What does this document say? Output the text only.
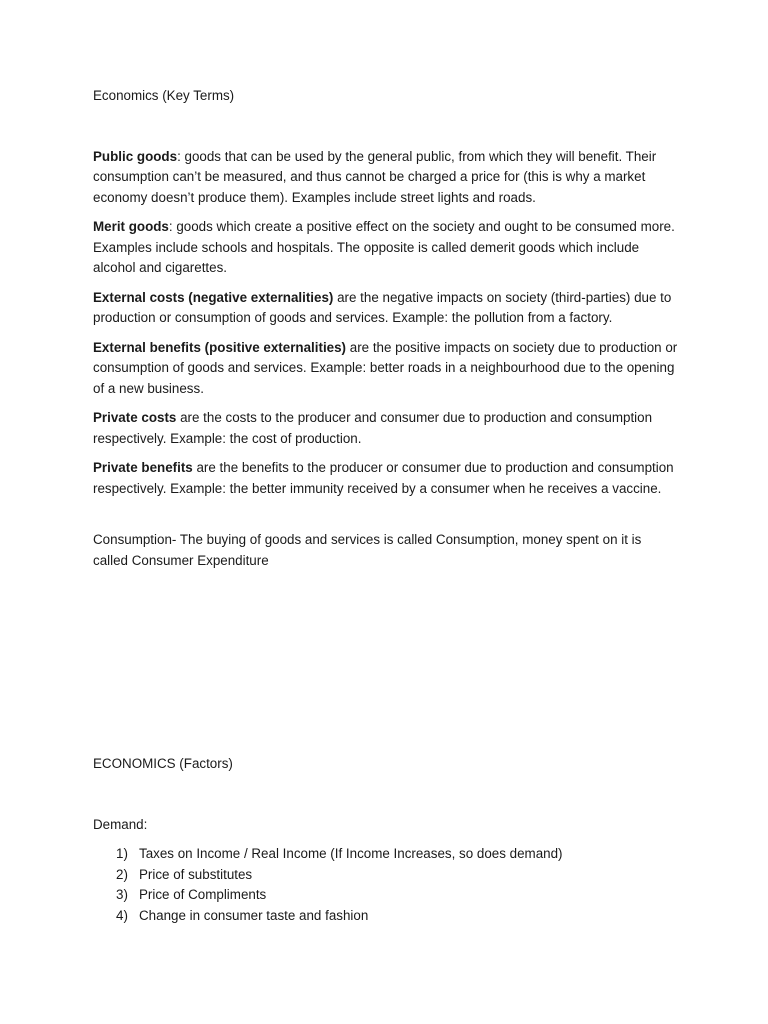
Economics (Key Terms)

Public goods: goods that can be used by the general public, from which they will benefit. Their consumption can’t be measured, and thus cannot be charged a price for (this is why a market economy doesn’t produce them). Examples include street lights and roads.

Merit goods: goods which create a positive effect on the society and ought to be consumed more. Examples include schools and hospitals. The opposite is called demerit goods which include alcohol and cigarettes.

External costs (negative externalities) are the negative impacts on society (third-parties) due to production or consumption of goods and services. Example: the pollution from a factory.

External benefits (positive externalities) are the positive impacts on society due to production or consumption of goods and services. Example: better roads in a neighbourhood due to the opening of a new business.

Private costs are the costs to the producer and consumer due to production and consumption respectively. Example: the cost of production.

Private benefits are the benefits to the producer or consumer due to production and consumption respectively. Example: the better immunity received by a consumer when he receives a vaccine.

Consumption- The buying of goods and services is called Consumption, money spent on it is called Consumer Expenditure

ECONOMICS (Factors)

Demand:

1) Taxes on Income / Real Income (If Income Increases, so does demand)
2) Price of substitutes
3) Price of Compliments
4) Change in consumer taste and fashion
